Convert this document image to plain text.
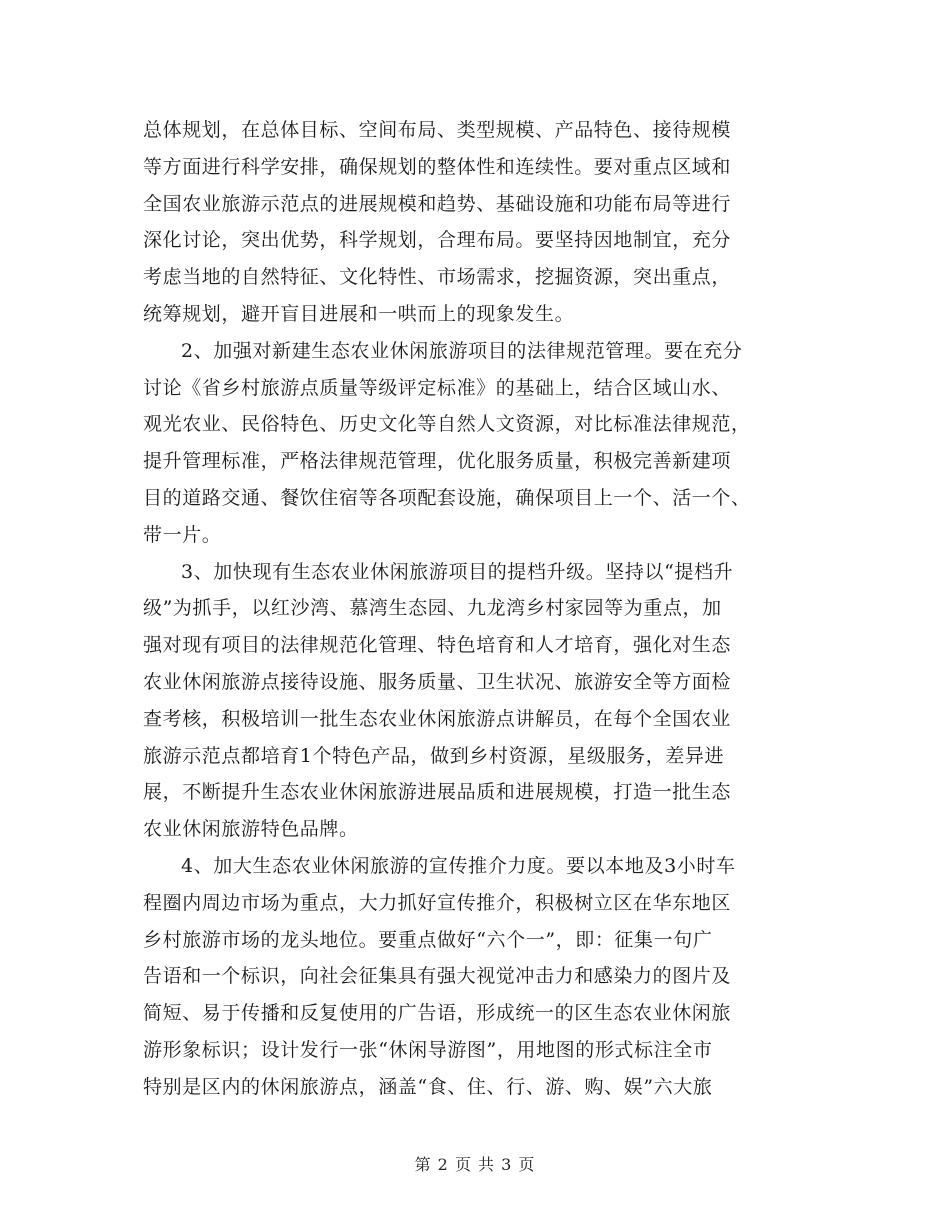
总体规划，在总体目标、空间布局、类型规模、产品特色、接待规模
等方面进行科学安排，确保规划的整体性和连续性。要对重点区域和
全国农业旅游示范点的进展规模和趋势、基础设施和功能布局等进行
深化讨论，突出优势，科学规划，合理布局。要坚持因地制宜，充分
考虑当地的自然特征、文化特性、市场需求，挖掘资源，突出重点，
统筹规划，避开盲目进展和一哄而上的现象发生。
2、加强对新建生态农业休闲旅游项目的法律规范管理。要在充分
讨论《省乡村旅游点质量等级评定标准》的基础上，结合区域山水、
观光农业、民俗特色、历史文化等自然人文资源，对比标准法律规范，
提升管理标准，严格法律规范管理，优化服务质量，积极完善新建项
目的道路交通、餐饮住宿等各项配套设施，确保项目上一个、活一个、
带一片。
3、加快现有生态农业休闲旅游项目的提档升级。坚持以“提档升
级”为抓手，以红沙湾、慕湾生态园、九龙湾乡村家园等为重点，加
强对现有项目的法律规范化管理、特色培育和人才培育，强化对生态
农业休闲旅游点接待设施、服务质量、卫生状况、旅游安全等方面检
查考核，积极培训一批生态农业休闲旅游点讲解员，在每个全国农业
旅游示范点都培育1个特色产品，做到乡村资源，星级服务，差异进
展，不断提升生态农业休闲旅游进展品质和进展规模，打造一批生态
农业休闲旅游特色品牌。
4、加大生态农业休闲旅游的宣传推介力度。要以本地及3小时车
程圈内周边市场为重点，大力抓好宣传推介，积极树立区在华东地区
乡村旅游市场的龙头地位。要重点做好“六个一”，即：征集一句广
告语和一个标识，向社会征集具有强大视觉冲击力和感染力的图片及
简短、易于传播和反复使用的广告语，形成统一的区生态农业休闲旅
游形象标识；设计发行一张“休闲导游图”，用地图的形式标注全市
特别是区内的休闲旅游点，涵盖“食、住、行、游、购、娱”六大旅
第 2 页 共 3 页
